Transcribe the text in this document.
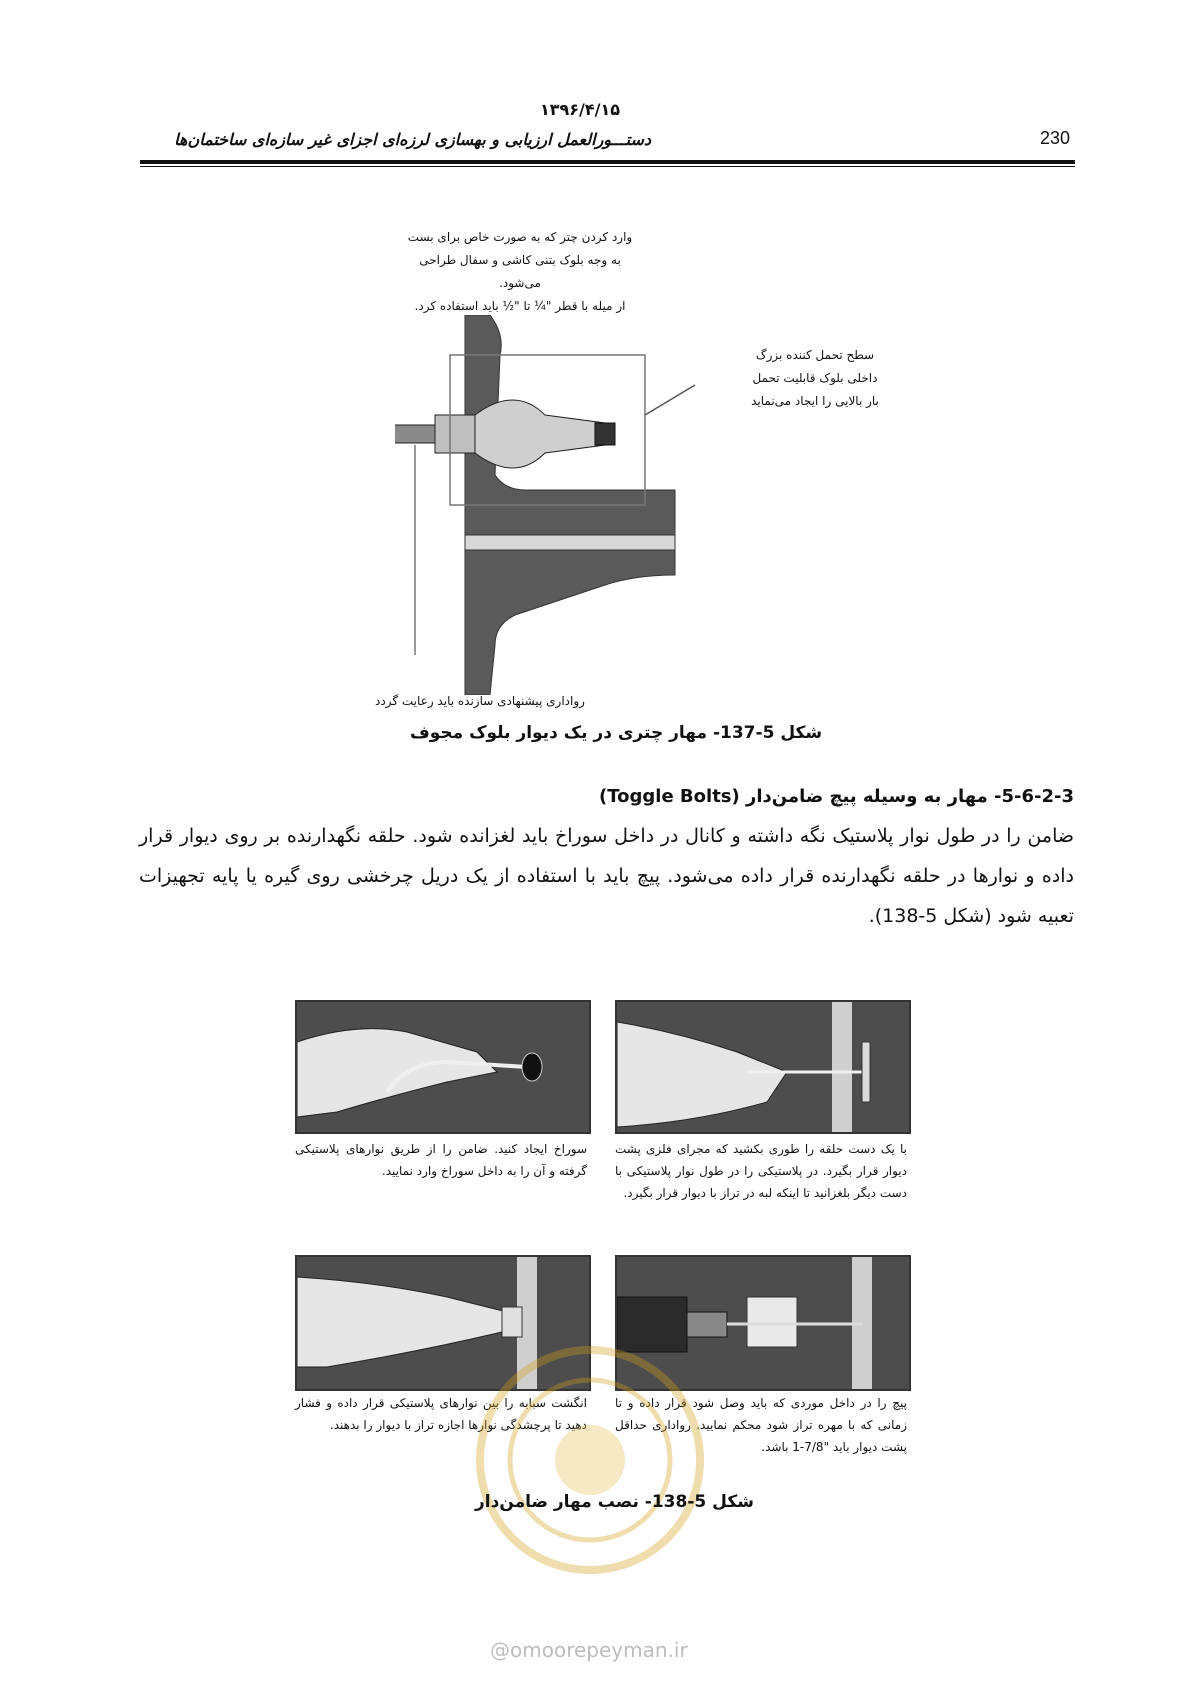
۱۳۹۶/۴/۱۵
دستـــورالعمل ارزیابی و بهسازی لرزه‌ای اجزای غیر سازه‌ای ساختمان‌ها	230
وارد کردن چتر که به صورت خاص برای بست
به وجه بلوک بتنی کاشی و سفال طراحی
می‌شود.
ار میله با قطر "¼ تا "½ باید استفاده کرد.
سطح تحمل کننده بزرگ
داخلی بلوک قابلیت تحمل
بار بالایی را ایجاد می‌نماید
رواداری پیشنهادی سازنده باید رعایت گردد
شکل 5-137- مهار چتری در یک دیوار بلوک مجوف
5-6-2-3- مهار به وسیله پیچ ضامن‌دار (Toggle Bolts)
ضامن را در طول نوار پلاستیک نگه داشته و کانال در داخل سوراخ باید لغزانده شود. حلقه نگهدارنده بر روی دیوار قرار داده و نوارها در حلقه نگهدارنده قرار داده می‌شود. پیچ باید با استفاده از یک دریل چرخشی روی گیره یا پایه تجهیزات تعبیه شود (شکل 5-138).
سوراخ ایجاد کنید. ضامن را از طریق نوارهای پلاستیکی گرفته و آن را به داخل سوراخ وارد نمایید.
با یک دست حلقه را طوری بکشید که مجرای فلزی پشت دیوار قرار بگیرد. در پلاستیکی را در طول نوار پلاستیکی با دست دیگر بلغزانید تا اینکه لبه در تراز با دیوار قرار بگیرد.
انگشت سبابه را بین نوارهای پلاستیکی قرار داده و فشار دهید تا پرچشدگی نوارها اجازه تراز با دیوار را بدهند.
پیچ را در داخل موردی که باید وصل شود قرار داده و تا زمانی که با مهره تراز شود محکم نمایید. رواداری حداقل پشت دیوار باید "7/8-1 باشد.
شکل 5-138- نصب مهار ضامن‌دار
@omoorepeyman.ir
